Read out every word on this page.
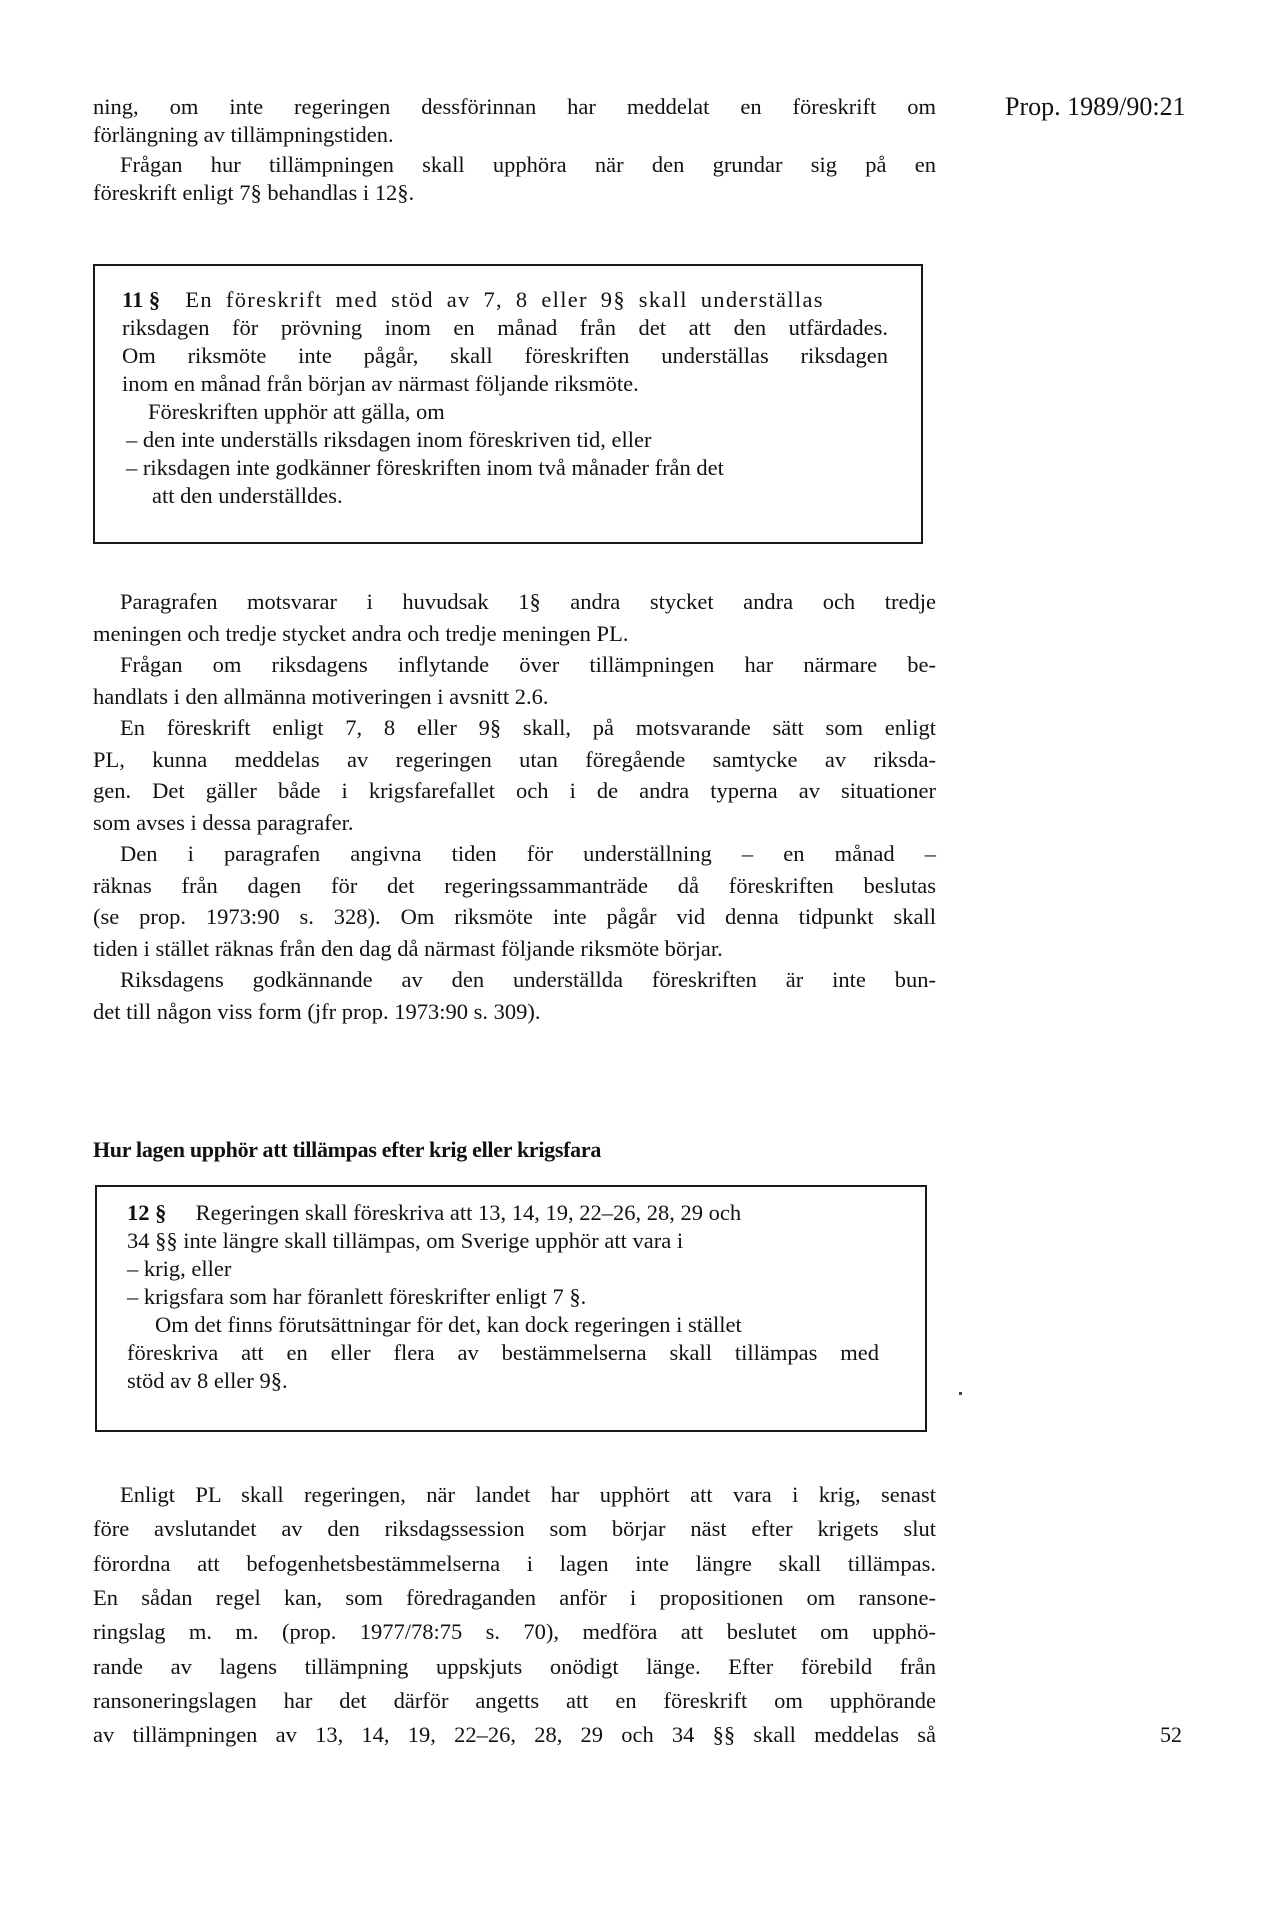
Prop. 1989/90:21
ning, om inte regeringen dessförinnan har meddelat en föreskrift om
förlängning av tillämpningstiden.
Frågan hur tillämpningen skall upphöra när den grundar sig på en
föreskrift enligt 7§ behandlas i 12§.
11 § En föreskrift med stöd av 7, 8 eller 9§ skall underställas
riksdagen för prövning inom en månad från det att den utfärdades.
Om riksmöte inte pågår, skall föreskriften underställas riksdagen
inom en månad från början av närmast följande riksmöte.
Föreskriften upphör att gälla, om
– den inte underställs riksdagen inom föreskriven tid, eller
– riksdagen inte godkänner föreskriften inom två månader från det
att den underställdes.
Paragrafen motsvarar i huvudsak 1§ andra stycket andra och tredje
meningen och tredje stycket andra och tredje meningen PL.
Frågan om riksdagens inflytande över tillämpningen har närmare be-
handlats i den allmänna motiveringen i avsnitt 2.6.
En föreskrift enligt 7, 8 eller 9§ skall, på motsvarande sätt som enligt
PL, kunna meddelas av regeringen utan föregående samtycke av riksda-
gen. Det gäller både i krigsfarefallet och i de andra typerna av situationer
som avses i dessa paragrafer.
Den i paragrafen angivna tiden för underställning – en månad –
räknas från dagen för det regeringssammanträde då föreskriften beslutas
(se prop. 1973:90 s. 328). Om riksmöte inte pågår vid denna tidpunkt skall
tiden i stället räknas från den dag då närmast följande riksmöte börjar.
Riksdagens godkännande av den underställda föreskriften är inte bun-
det till någon viss form (jfr prop. 1973:90 s. 309).
Hur lagen upphör att tillämpas efter krig eller krigsfara
12 § Regeringen skall föreskriva att 13, 14, 19, 22–26, 28, 29 och
34 §§ inte längre skall tillämpas, om Sverige upphör att vara i
– krig, eller
– krigsfara som har föranlett föreskrifter enligt 7 §.
Om det finns förutsättningar för det, kan dock regeringen i stället
föreskriva att en eller flera av bestämmelserna skall tillämpas med
stöd av 8 eller 9§.
Enligt PL skall regeringen, när landet har upphört att vara i krig, senast
före avslutandet av den riksdagssession som börjar näst efter krigets slut
förordna att befogenhetsbestämmelserna i lagen inte längre skall tillämpas.
En sådan regel kan, som föredraganden anför i propositionen om ransone-
ringslag m. m. (prop. 1977/78:75 s. 70), medföra att beslutet om upphö-
rande av lagens tillämpning uppskjuts onödigt länge. Efter förebild från
ransoneringslagen har det därför angetts att en föreskrift om upphörande
av tillämpningen av 13, 14, 19, 22–26, 28, 29 och 34 §§ skall meddelas så	52
